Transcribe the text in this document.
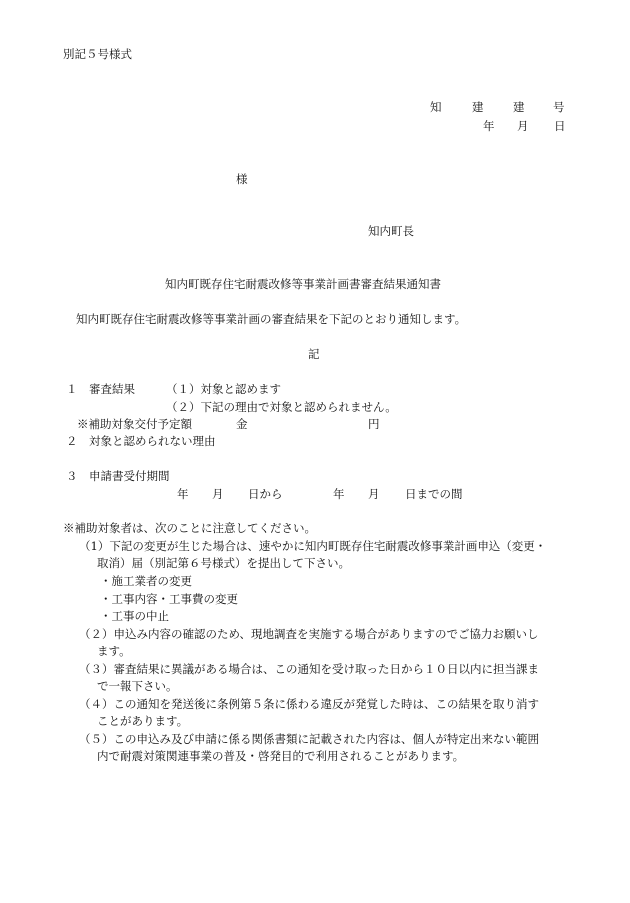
別記５号様式
知	建	建 号
年 月 日
様
知内町長
知内町既存住宅耐震改修等事業計画書審査結果通知書
知内町既存住宅耐震改修等事業計画の審査結果を下記のとおり通知します。
記
１ 審査結果	（１）対象と認めます
（２）下記の理由で対象と認められません。
※補助対象交付予定額	金	円
２ 対象と認められない理由
３ 申請書受付期間
年 月 日から	年 月 日までの間
※補助対象者は、次のことに注意してください。
（1）下記の変更が生じた場合は、速やかに知内町既存住宅耐震改修事業計画申込（変更・
取消）届（別記第６号様式）を提出して下さい。
・施工業者の変更
・工事内容・工事費の変更
・工事の中止
（２）申込み内容の確認のため、現地調査を実施する場合がありますのでご協力お願いし
ます。
（３）審査結果に異議がある場合は、この通知を受け取った日から１０日以内に担当課ま
で一報下さい。
（４）この通知を発送後に条例第５条に係わる違反が発覚した時は、この結果を取り消す
ことがあります。
（５）この申込み及び申請に係る関係書類に記載された内容は、個人が特定出来ない範囲
内で耐震対策関連事業の普及・啓発目的で利用されることがあります。
